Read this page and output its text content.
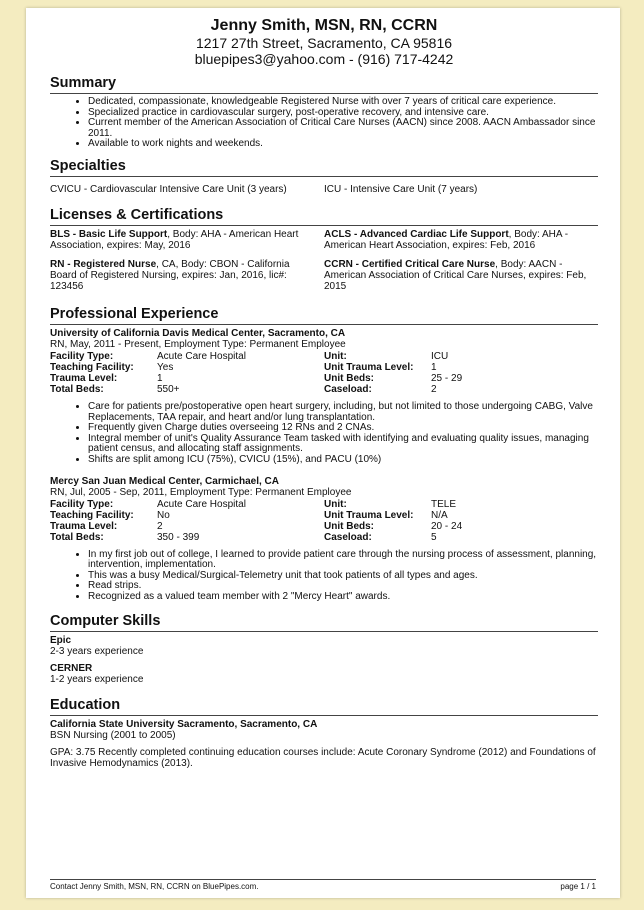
Jenny Smith, MSN, RN, CCRN
1217 27th Street, Sacramento, CA 95816
bluepipes3@yahoo.com - (916) 717-4242
Summary
• Dedicated, compassionate, knowledgeable Registered Nurse with over 7 years of critical care experience.
• Specialized practice in cardiovascular surgery, post-operative recovery, and intensive care.
• Current member of the American Association of Critical Care Nurses (AACN) since 2008. AACN Ambassador since 2011.
• Available to work nights and weekends.
Specialties
CVICU - Cardiovascular Intensive Care Unit (3 years)	ICU - Intensive Care Unit (7 years)
Licenses & Certifications
BLS - Basic Life Support, Body: AHA - American Heart Association, expires: May, 2016
ACLS - Advanced Cardiac Life Support, Body: AHA - American Heart Association, expires: Feb, 2016
RN - Registered Nurse, CA, Body: CBON - California Board of Registered Nursing, expires: Jan, 2016, lic#: 123456
CCRN - Certified Critical Care Nurse, Body: AACN - American Association of Critical Care Nurses, expires: Feb, 2015
Professional Experience
University of California Davis Medical Center, Sacramento, CA
RN, May, 2011 - Present, Employment Type: Permanent Employee
Facility Type:	Acute Care Hospital	Unit:	ICU
Teaching Facility:	Yes	Unit Trauma Level:	1
Trauma Level:	1	Unit Beds:	25 - 29
Total Beds:	550+	Caseload:	2
• Care for patients pre/postoperative open heart surgery, including, but not limited to those undergoing CABG, Valve Replacements, TAA repair, and heart and/or lung transplantation.
• Frequently given Charge duties overseeing 12 RNs and 2 CNAs.
• Integral member of unit's Quality Assurance Team tasked with identifying and evaluating quality issues, managing patient census, and allocating staff assignments.
• Shifts are split among ICU (75%), CVICU (15%), and PACU (10%)
Mercy San Juan Medical Center, Carmichael, CA
RN, Jul, 2005 - Sep, 2011, Employment Type: Permanent Employee
Facility Type:	Acute Care Hospital	Unit:	TELE
Teaching Facility:	No	Unit Trauma Level:	N/A
Trauma Level:	2	Unit Beds:	20 - 24
Total Beds:	350 - 399	Caseload:	5
• In my first job out of college, I learned to provide patient care through the nursing process of assessment, planning, intervention, implementation.
• This was a busy Medical/Surgical-Telemetry unit that took patients of all types and ages.
• Read strips.
• Recognized as a valued team member with 2 "Mercy Heart" awards.
Computer Skills
Epic
2-3 years experience
CERNER
1-2 years experience
Education
California State University Sacramento, Sacramento, CA
BSN Nursing (2001 to 2005)
GPA: 3.75 Recently completed continuing education courses include: Acute Coronary Syndrome (2012) and Foundations of Invasive Hemodynamics (2013).
Contact Jenny Smith, MSN, RN, CCRN on BluePipes.com.	page 1 / 1
